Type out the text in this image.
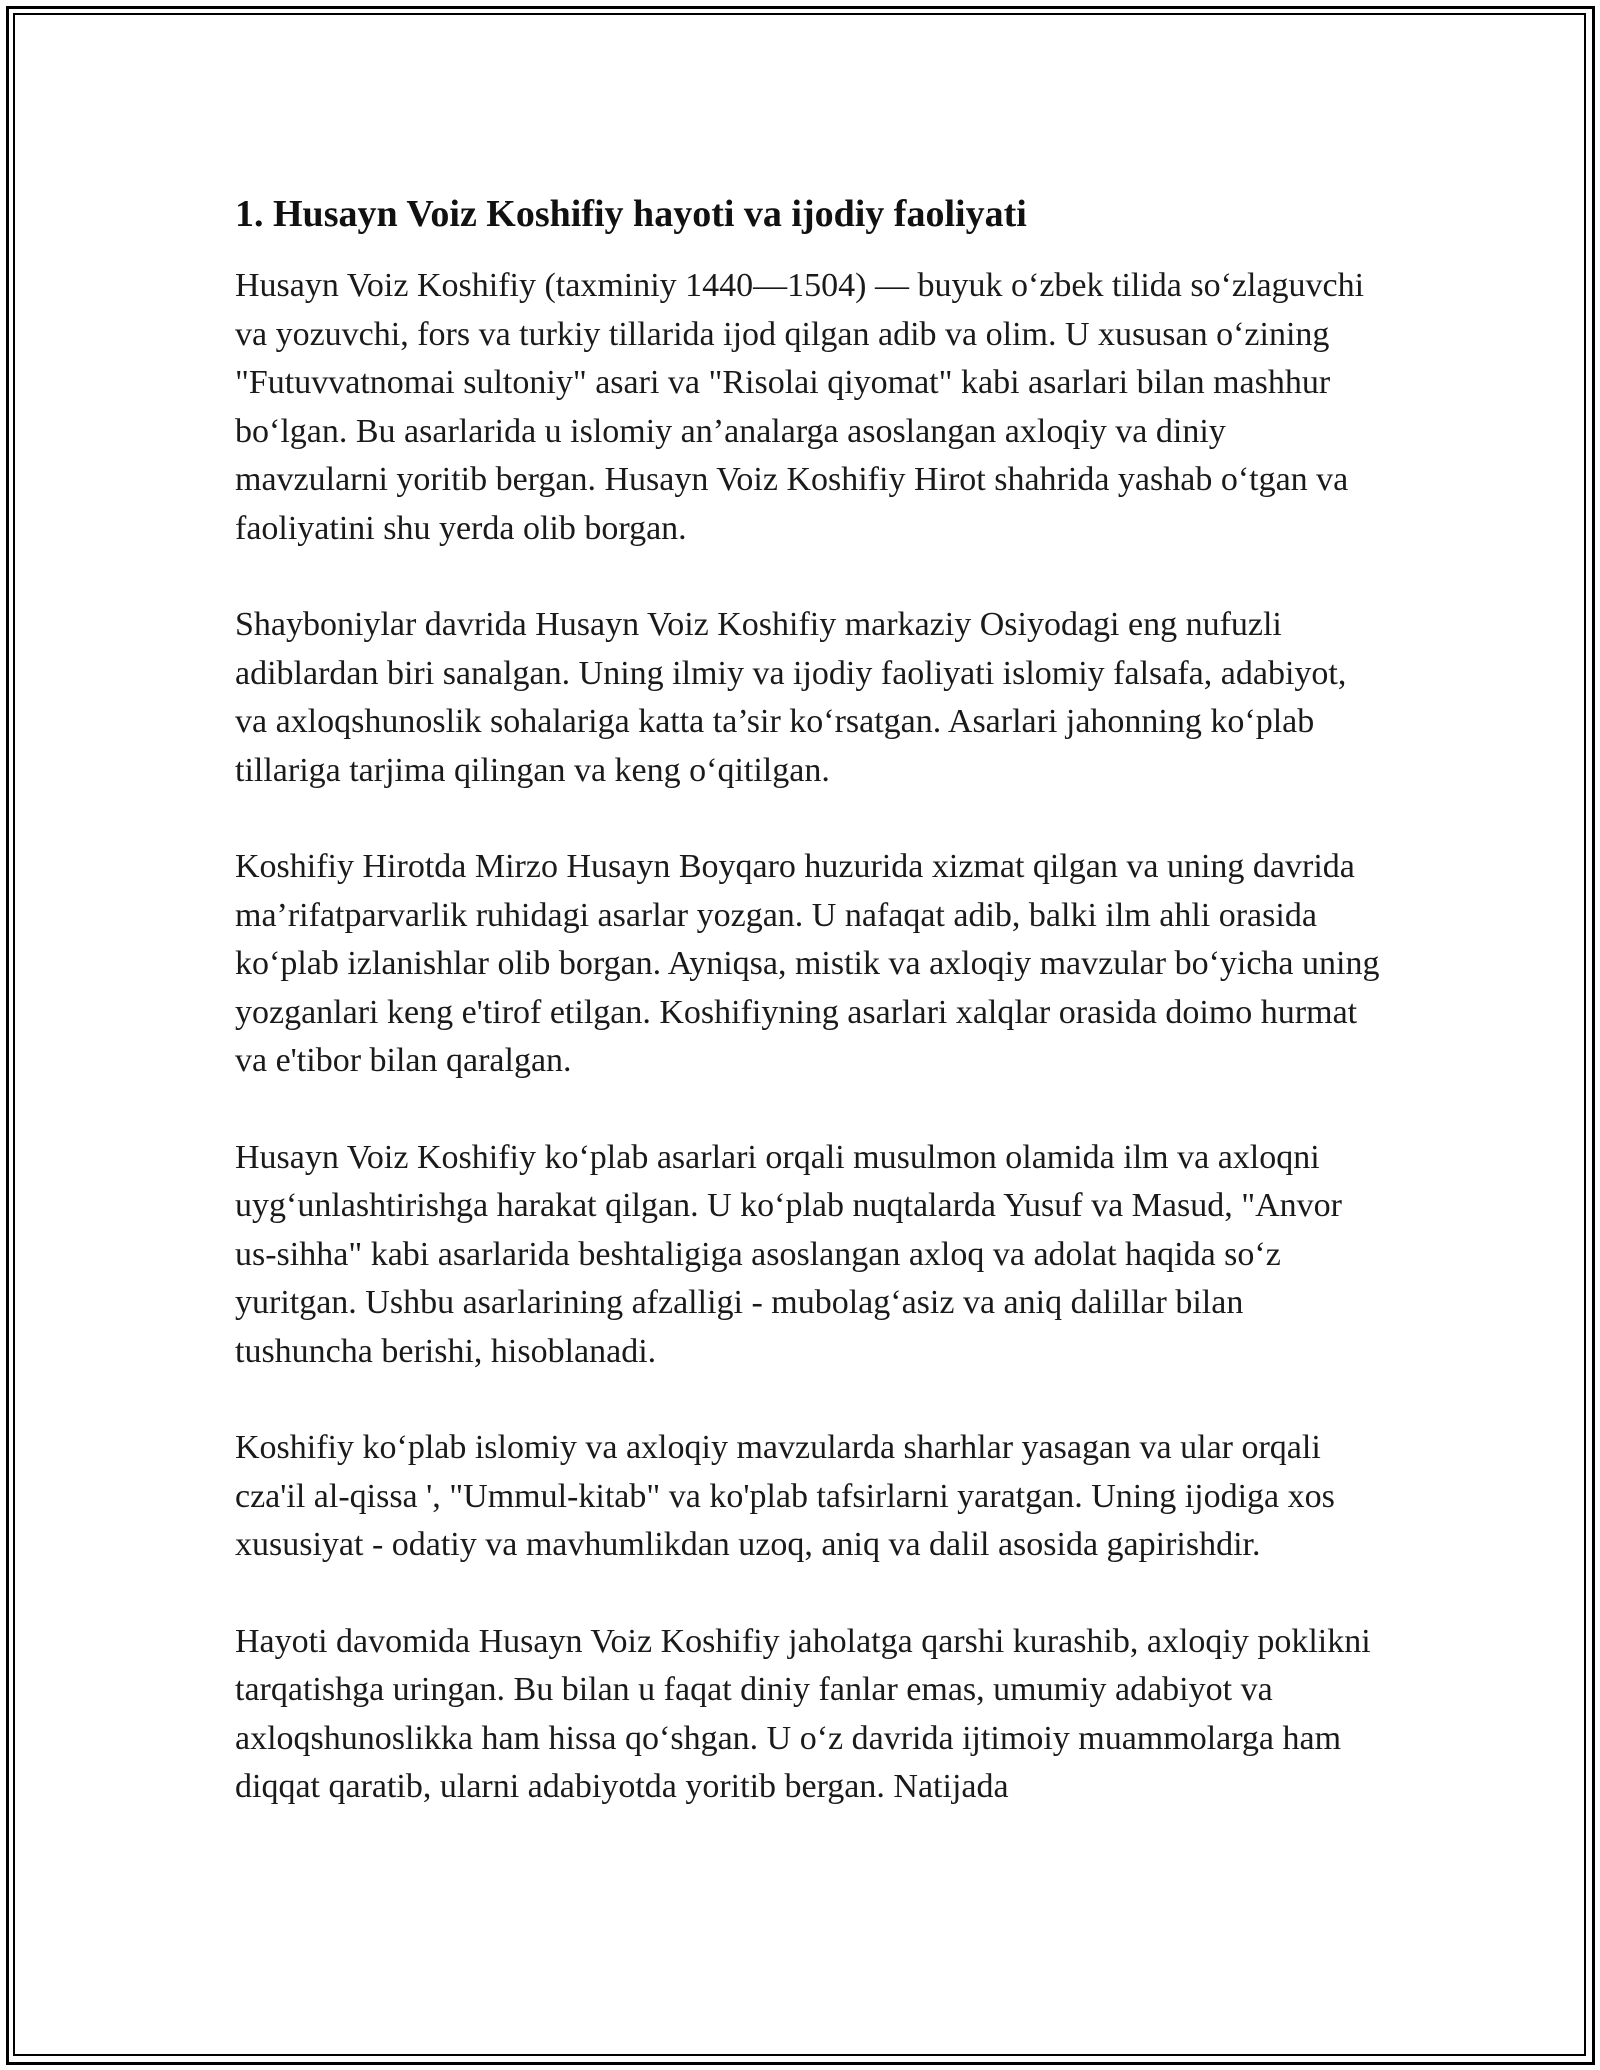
1. Husayn Voiz Koshifiy hayoti va ijodiy faoliyati

Husayn Voiz Koshifiy (taxminiy 1440—1504) — buyuk oʻzbek tilida soʻzlaguvchi va yozuvchi, fors va turkiy tillarida ijod qilgan adib va olim. U xususan oʻzining "Futuvvatnomai sultoniy" asari va "Risolai qiyomat" kabi asarlari bilan mashhur boʻlgan. Bu asarlarida u islomiy an’analarga asoslangan axloqiy va diniy mavzularni yoritib bergan. Husayn Voiz Koshifiy Hirot shahrida yashab oʻtgan va faoliyatini shu yerda olib borgan.

Shayboniylar davrida Husayn Voiz Koshifiy markaziy Osiyodagi eng nufuzli adiblardan biri sanalgan. Uning ilmiy va ijodiy faoliyati islomiy falsafa, adabiyot, va axloqshunoslik sohalariga katta ta’sir koʻrsatgan. Asarlari jahonning koʻplab tillariga tarjima qilingan va keng oʻqitilgan.

Koshifiy Hirotda Mirzo Husayn Boyqaro huzurida xizmat qilgan va uning davrida ma’rifatparvarlik ruhidagi asarlar yozgan. U nafaqat adib, balki ilm ahli orasida koʻplab izlanishlar olib borgan. Ayniqsa, mistik va axloqiy mavzular boʻyicha uning yozganlari keng e'tirof etilgan. Koshifiyning asarlari xalqlar orasida doimo hurmat va e'tibor bilan qaralgan.

Husayn Voiz Koshifiy koʻplab asarlari orqali musulmon olamida ilm va axloqni uygʻunlashtirishga harakat qilgan. U koʻplab nuqtalarda Yusuf va Masud, "Anvor us-sihha" kabi asarlarida beshtaligiga asoslangan axloq va adolat haqida soʻz yuritgan. Ushbu asarlarining afzalligi - mubolagʻasiz va aniq dalillar bilan tushuncha berishi, hisoblanadi.

Koshifiy koʻplab islomiy va axloqiy mavzularda sharhlar yasagan va ular orqali cza'il al-qissa ', "Ummul-kitab" va ko'plab tafsirlarni yaratgan. Uning ijodiga xos xususiyat - odatiy va mavhumlikdan uzoq, aniq va dalil asosida gapirishdir.

Hayoti davomida Husayn Voiz Koshifiy jaholatga qarshi kurashib, axloqiy poklikni tarqatishga uringan. Bu bilan u faqat diniy fanlar emas, umumiy adabiyot va axloqshunoslikka ham hissa qoʻshgan. U oʻz davrida ijtimoiy muammolarga ham diqqat qaratib, ularni adabiyotda yoritib bergan. Natijada
